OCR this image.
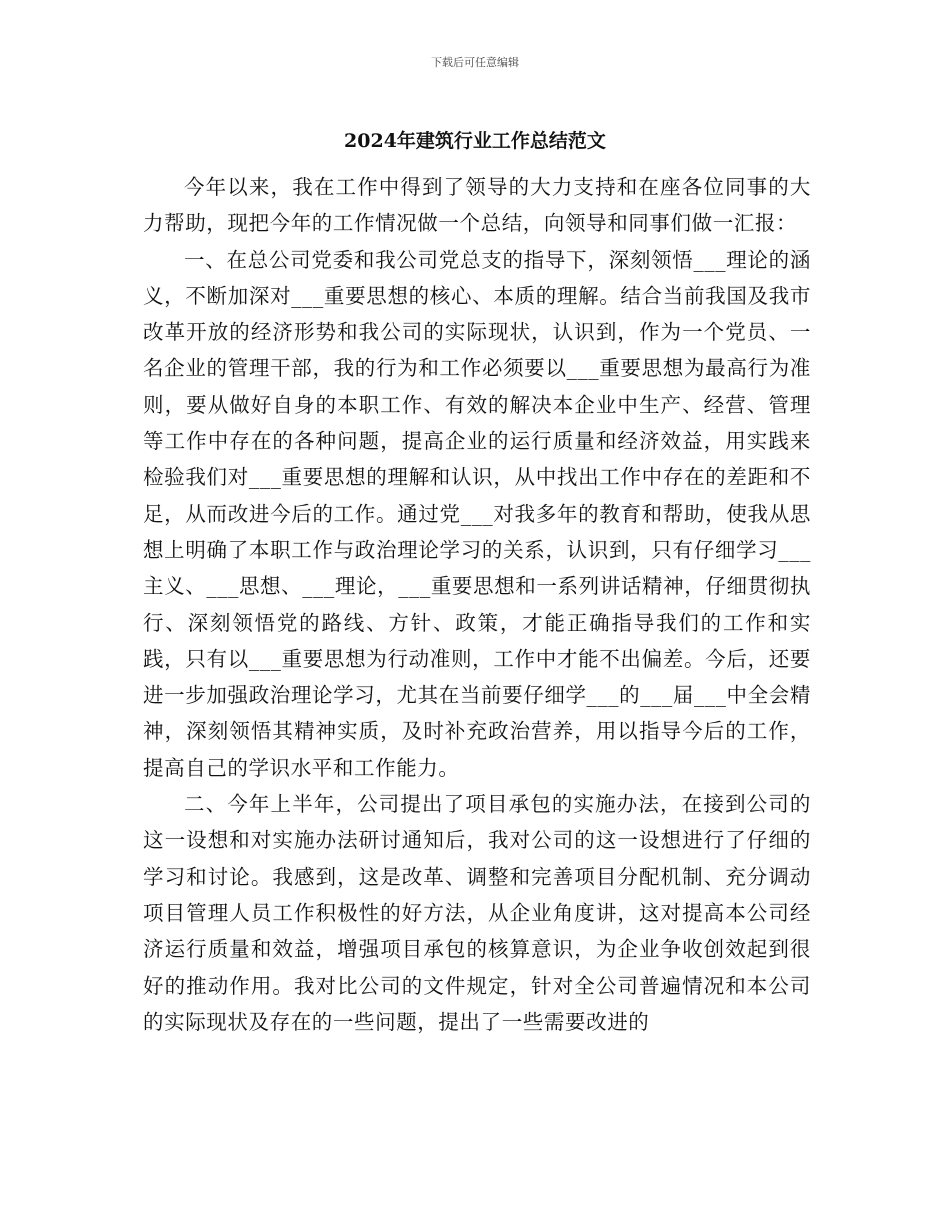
下载后可任意编辑
2024年建筑行业工作总结范文

今年以来，我在工作中得到了领导的大力支持和在座各位同事的大力帮助，现把今年的工作情况做一个总结，向领导和同事们做一汇报：

一、在总公司党委和我公司党总支的指导下，深刻领悟___理论的涵义，不断加深对___重要思想的核心、本质的理解。结合当前我国及我市改革开放的经济形势和我公司的实际现状，认识到，作为一个党员、一名企业的管理干部，我的行为和工作必须要以___重要思想为最高行为准则，要从做好自身的本职工作、有效的解决本企业中生产、经营、管理等工作中存在的各种问题，提高企业的运行质量和经济效益，用实践来检验我们对___重要思想的理解和认识，从中找出工作中存在的差距和不足，从而改进今后的工作。通过党___对我多年的教育和帮助，使我从思想上明确了本职工作与政治理论学习的关系，认识到，只有仔细学习___主义、___思想、___理论，___重要思想和一系列讲话精神，仔细贯彻执行、深刻领悟党的路线、方针、政策，才能正确指导我们的工作和实践，只有以___重要思想为行动准则，工作中才能不出偏差。今后，还要进一步加强政治理论学习，尤其在当前要仔细学___的___届___中全会精神，深刻领悟其精神实质，及时补充政治营养，用以指导今后的工作，提高自己的学识水平和工作能力。

二、今年上半年，公司提出了项目承包的实施办法，在接到公司的这一设想和对实施办法研讨通知后，我对公司的这一设想进行了仔细的学习和讨论。我感到，这是改革、调整和完善项目分配机制、充分调动项目管理人员工作积极性的好方法，从企业角度讲，这对提高本公司经济运行质量和效益，增强项目承包的核算意识，为企业争收创效起到很好的推动作用。我对比公司的文件规定，针对全公司普遍情况和本公司的实际现状及存在的一些问题，提出了一些需要改进的
